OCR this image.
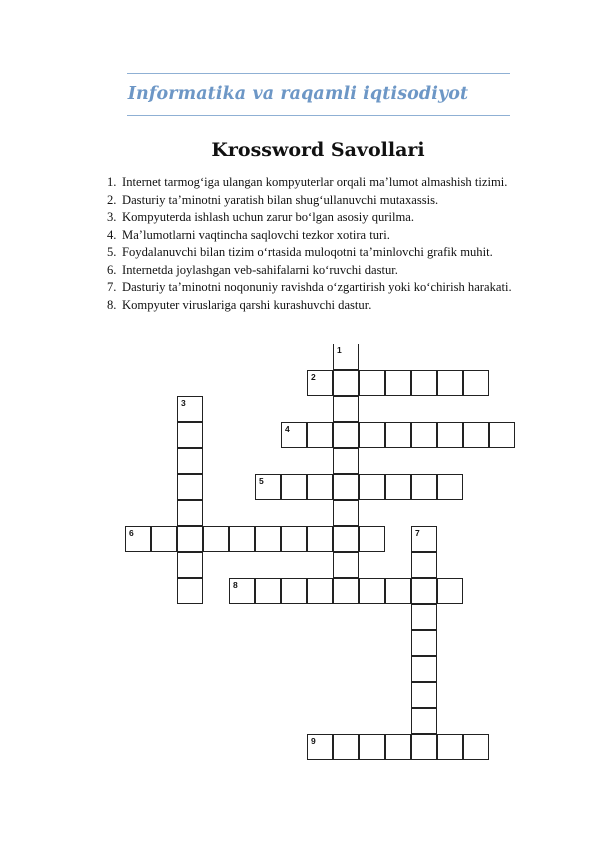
Informatika va raqamli iqtisodiyot
Krossword Savollari
1. Internet tarmog‘iga ulangan kompyuterlar orqali ma’lumot almashish tizimi.
2. Dasturiy ta’minotni yaratish bilan shug‘ullanuvchi mutaxassis.
3. Kompyuterda ishlash uchun zarur bo‘lgan asosiy qurilma.
4. Ma’lumotlarni vaqtincha saqlovchi tezkor xotira turi.
5. Foydalanuvchi bilan tizim o‘rtasida muloqotni ta’minlovchi grafik muhit.
6. Internetda joylashgan veb-sahifalarni ko‘ruvchi dastur.
7. Dasturiy ta’minotni noqonuniy ravishda o‘zgartirish yoki ko‘chirish harakati.
8. Kompyuter viruslariga qarshi kurashuvchi dastur.
1
2
3
4
5
6	7
8
9
